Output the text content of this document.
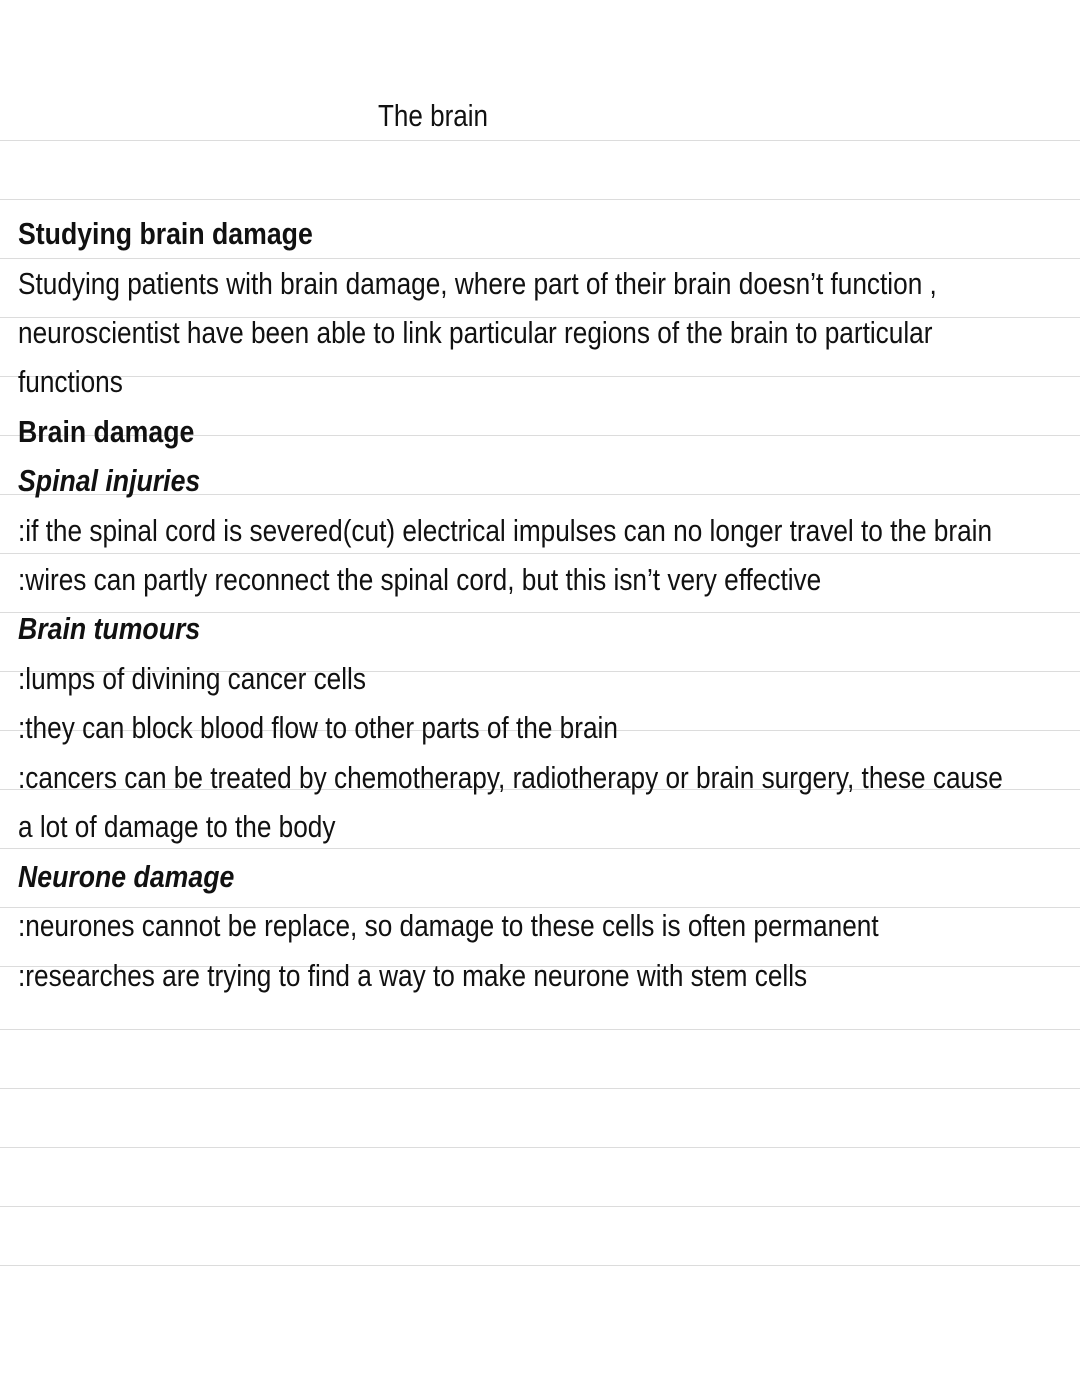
The brain

Studying brain damage

Studying patients with brain damage, where part of their brain doesn’t function ,

neuroscientist have been able to link particular regions of the brain to particular

functions

Brain damage

Spinal injuries

:if the spinal cord is severed(cut) electrical impulses can no longer travel to the brain

:wires can partly reconnect the spinal cord, but this isn’t very effective

Brain tumours

:lumps of divining cancer cells

:they can block blood flow to other parts of the brain

:cancers can be treated by chemotherapy, radiotherapy or brain surgery, these cause

a lot of damage to the body

Neurone damage

:neurones cannot be replace, so damage to these cells is often permanent

:researches are trying to find a way to make neurone with stem cells
